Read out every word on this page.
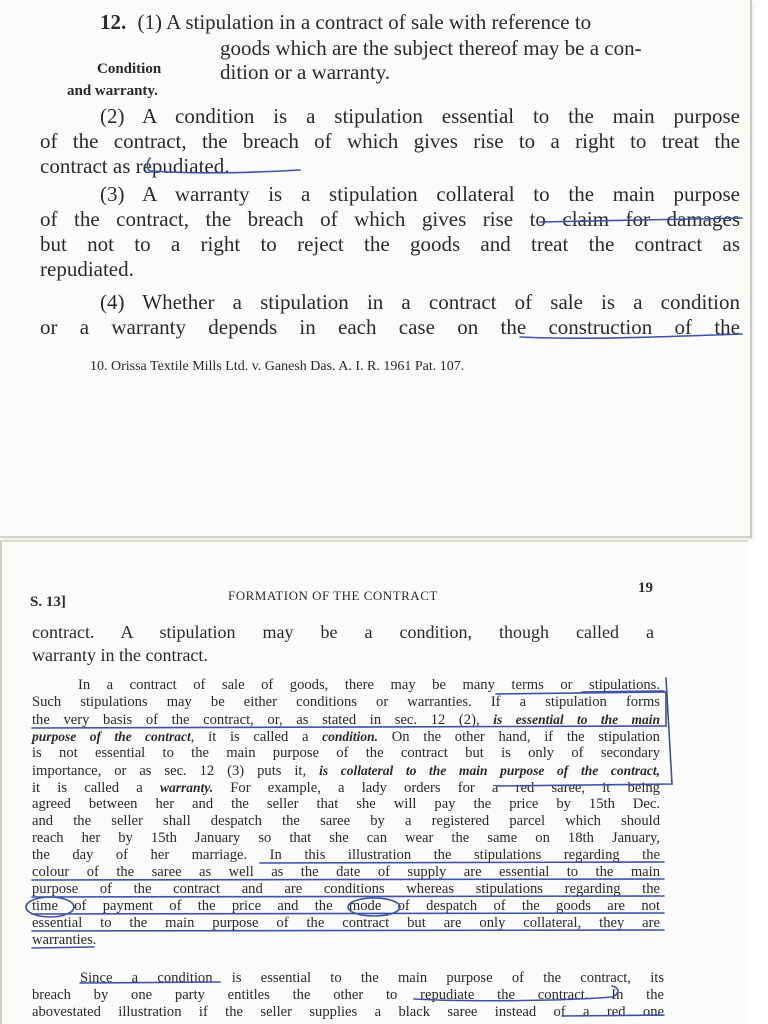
12. (1) A stipulation in a contract of sale with reference to
goods which are the subject thereof may be a con-
Condition	dition or a warranty.
and warranty.
(2) A condition is a stipulation essential to the main purpose
of the contract, the breach of which gives rise to a right to treat the
contract as repudiated.
(3) A warranty is a stipulation collateral to the main purpose
of the contract, the breach of which gives rise to claim for damages
but not to a right to reject the goods and treat the contract as
repudiated.
(4) Whether a stipulation in a contract of sale is a condition
or a warranty depends in each case on the construction of the
10. Orissa Textile Mills Ltd. v. Ganesh Das. A. I. R. 1961 Pat. 107.
S. 13]	FORMATION OF THE CONTRACT	19
contract. A stipulation may be a condition, though called a
warranty in the contract.
In a contract of sale of goods, there may be many terms or stipulations.
Such stipulations may be either conditions or warranties. If a stipulation forms
the very basis of the contract, or, as stated in sec. 12 (2), is essential to the main
purpose of the contract, it is called a condition. On the other hand, if the stipulation
is not essential to the main purpose of the contract but is only of secondary
importance, or as sec. 12 (3) puts it, is collateral to the main purpose of the contract,
it is called a warranty. For example, a lady orders for a red saree, it being
agreed between her and the seller that she will pay the price by 15th Dec.
and the seller shall despatch the saree by a registered parcel which should
reach her by 15th January so that she can wear the same on 18th January,
the day of her marriage. In this illustration the stipulations regarding the
colour of the saree as well as the date of supply are essential to the main
purpose of the contract and are conditions whereas stipulations regarding the
time of payment of the price and the mode of despatch of the goods are not
essential to the main purpose of the contract but are only collateral, they are
warranties.
Since a condition is essential to the main purpose of the contract, its
breach by one party entitles the other to repudiate the contract. In the
abovestated illustration if the seller supplies a black saree instead of a red one
